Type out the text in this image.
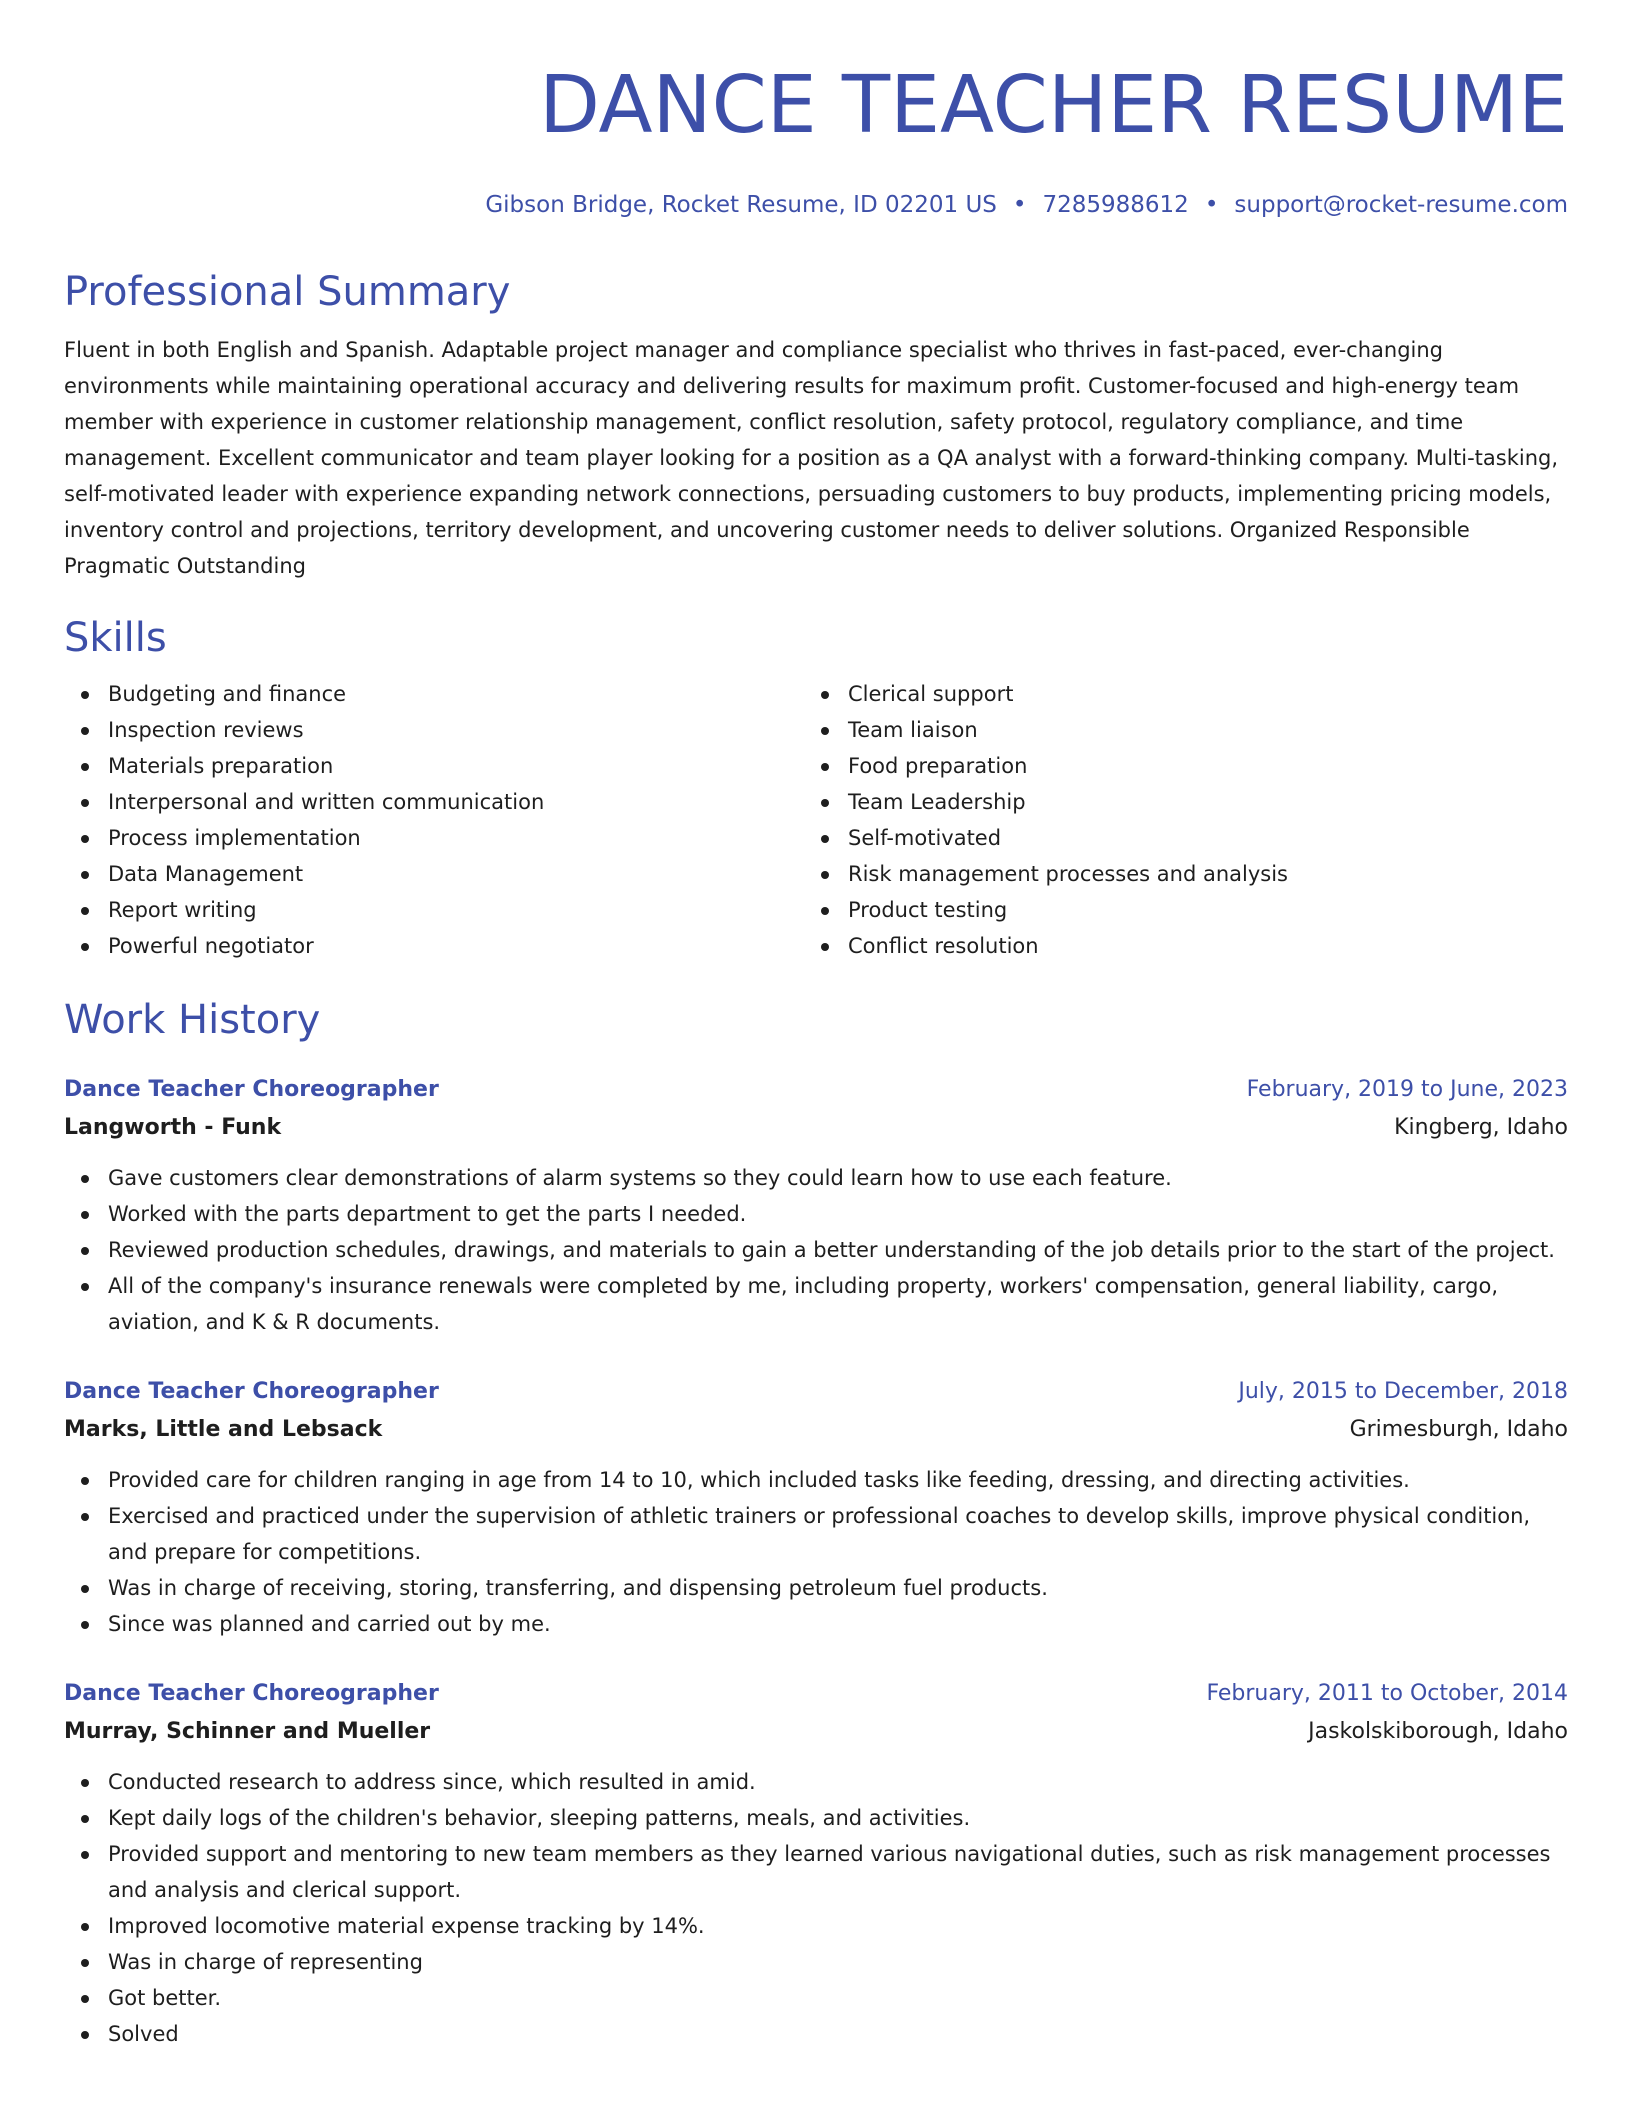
DANCE TEACHER RESUME
Gibson Bridge, Rocket Resume, ID 02201 US • 7285988612 • support@rocket-resume.com
Professional Summary

Fluent in both English and Spanish. Adaptable project manager and compliance specialist who thrives in fast-paced, ever-changing environments while maintaining operational accuracy and delivering results for maximum profit. Customer-focused and high-energy team member with experience in customer relationship management, conflict resolution, safety protocol, regulatory compliance, and time management. Excellent communicator and team player looking for a position as a QA analyst with a forward-thinking company. Multi-tasking, self-motivated leader with experience expanding network connections, persuading customers to buy products, implementing pricing models, inventory control and projections, territory development, and uncovering customer needs to deliver solutions. Organized Responsible Pragmatic Outstanding

Skills
Budgeting and finance
Inspection reviews
Materials preparation
Interpersonal and written communication
Process implementation
Data Management
Report writing
Powerful negotiator
Clerical support
Team liaison
Food preparation
Team Leadership
Self-motivated
Risk management processes and analysis
Product testing
Conflict resolution
Work History
Dance Teacher Choreographer	February, 2019 to June, 2023
Langworth - Funk	Kingberg, Idaho
Gave customers clear demonstrations of alarm systems so they could learn how to use each feature.
Worked with the parts department to get the parts I needed.
Reviewed production schedules, drawings, and materials to gain a better understanding of the job details prior to the start of the project.
All of the company's insurance renewals were completed by me, including property, workers' compensation, general liability, cargo, aviation, and K & R documents.
Dance Teacher Choreographer	July, 2015 to December, 2018
Marks, Little and Lebsack	Grimesburgh, Idaho
Provided care for children ranging in age from 14 to 10, which included tasks like feeding, dressing, and directing activities.
Exercised and practiced under the supervision of athletic trainers or professional coaches to develop skills, improve physical condition, and prepare for competitions.
Was in charge of receiving, storing, transferring, and dispensing petroleum fuel products.
Since was planned and carried out by me.
Dance Teacher Choreographer	February, 2011 to October, 2014
Murray, Schinner and Mueller	Jaskolskiborough, Idaho
Conducted research to address since, which resulted in amid.
Kept daily logs of the children's behavior, sleeping patterns, meals, and activities.
Provided support and mentoring to new team members as they learned various navigational duties, such as risk management processes and analysis and clerical support.
Improved locomotive material expense tracking by 14%.
Was in charge of representing
Got better.
Solved
